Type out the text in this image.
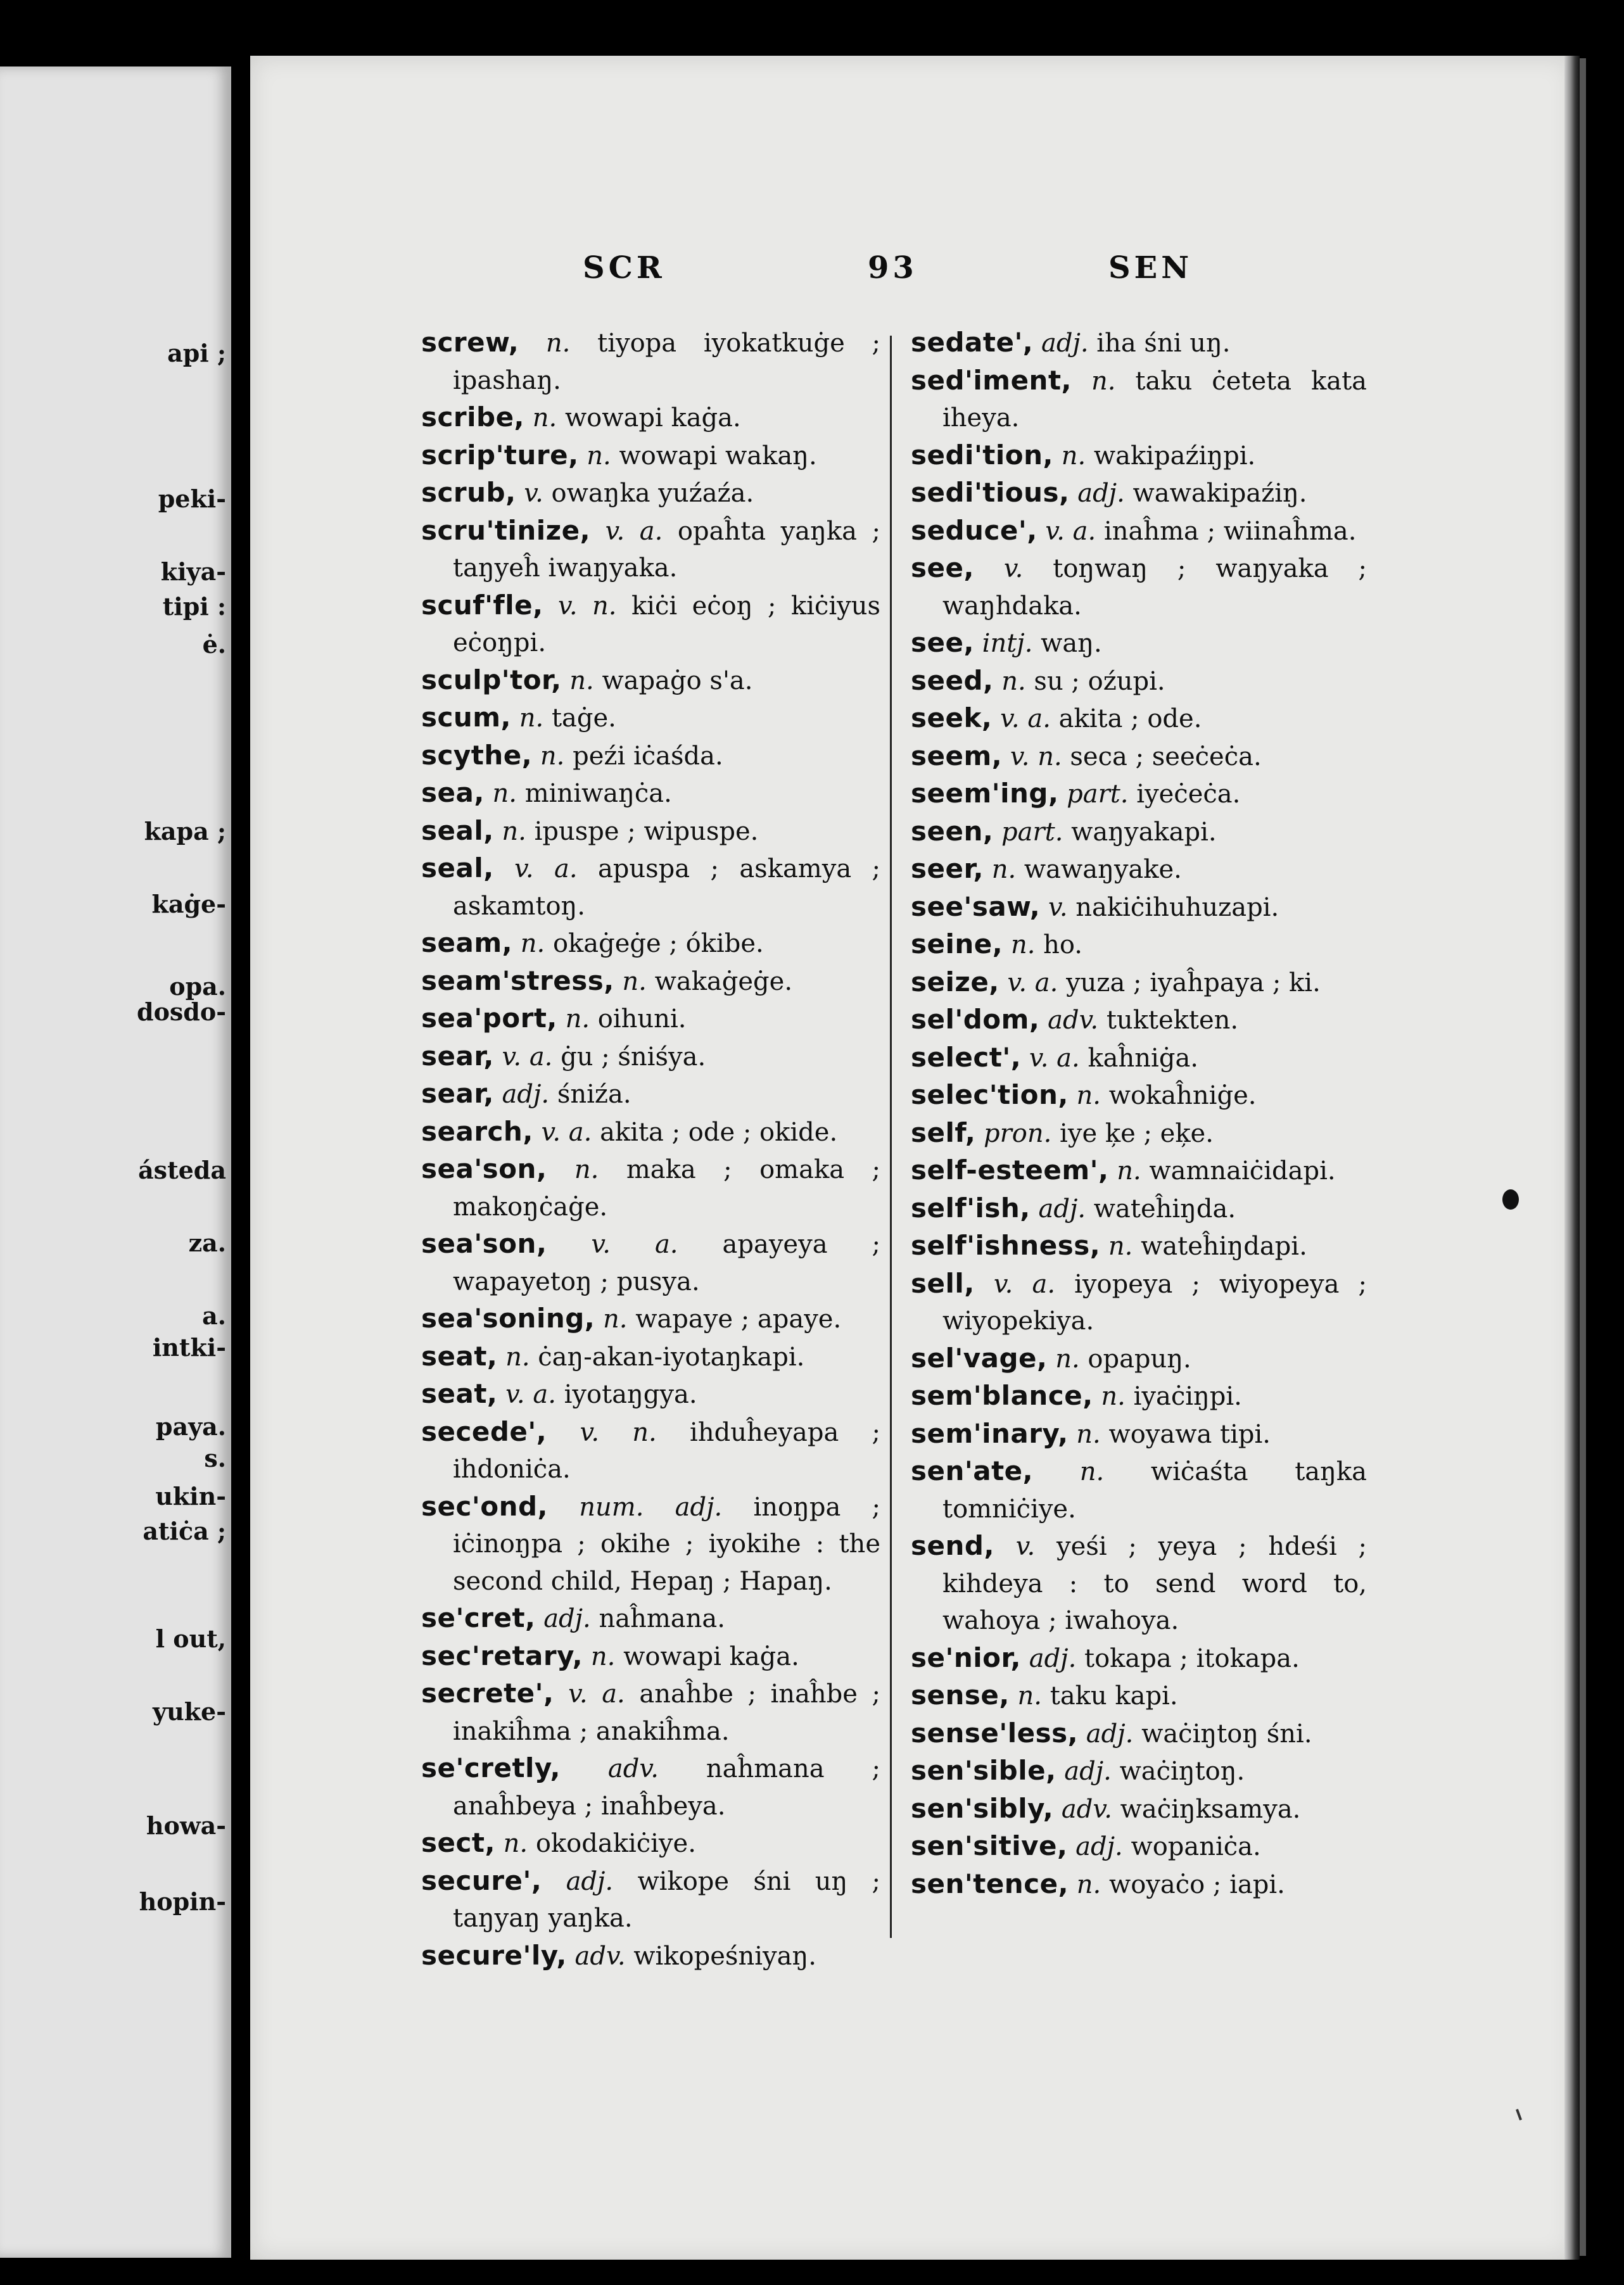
api ;
peki-
kiya-
tipi :
ė.
kapa ;
kaġe-
opa.
dosdo-
ásteda
za.
a.
intki-
paya.
s.
ukin-
atiċa ;
l out,
yuke-
howa-
hopin-
SCR	93	SEN

screw, n. tiyopa iyokatkuġe ; ipashaŋ.

scribe, n. wowapi kaġa.

scrip'ture, n. wowapi wakaŋ.

scrub, v. owaŋka yuźaźa.

scru'tinize, v. a. opaĥta yaŋka ; taŋyeĥ iwaŋyaka.

scuf'fle, v. n. kiċi eċoŋ ; kiċiyus eċoŋpi.

sculp'tor, n. wapaġo s'a.

scum, n. taġe.

scythe, n. peźi iċaśda.

sea, n. miniwaŋċa.

seal, n. ipuspe ; wipuspe.

seal, v. a. apuspa ; askamya ; askamtoŋ.

seam, n. okaġeġe ; ókibe.

seam'stress, n. wakaġeġe.

sea'port, n. oihuni.

sear, v. a. ġu ; śniśya.

sear, adj. śniźa.

search, v. a. akita ; ode ; okide.

sea'son, n. maka ; omaka ; makoŋċaġe.

sea'son, v. a. apayeya ; wapayetoŋ ; pusya.

sea'soning, n. wapaye ; apaye.

seat, n. ċaŋ-akan-iyotaŋkapi.

seat, v. a. iyotaŋgya.

secede', v. n. ihduĥeyapa ; ihdoniċa.

sec'ond, num. adj. inoŋpa ; iċinoŋpa ; okihe ; iyokihe : the second child, Hepaŋ ; Hapaŋ.

se'cret, adj. naĥmana.

sec'retary, n. wowapi kaġa.

secrete', v. a. anaĥbe ; inaĥbe ; inakiĥma ; anakiĥma.

se'cretly, adv. naĥmana ; anaĥbeya ; inaĥbeya.

sect, n. okodakiċiye.

secure', adj. wikope śni uŋ ; taŋyaŋ yaŋka.

secure'ly, adv. wikopeśniyaŋ.

sedate', adj. iha śni uŋ.

sed'iment, n. taku ċeteta kata iheya.

sedi'tion, n. wakipaźiŋpi.

sedi'tious, adj. wawakipaźiŋ.

seduce', v. a. inaĥma ; wiinaĥma.

see, v. toŋwaŋ ; waŋyaka ; waŋhdaka.

see, intj. waŋ.

seed, n. su ; oźupi.

seek, v. a. akita ; ode.

seem, v. n. seca ; seeċeċa.

seem'ing, part. iyeċeċa.

seen, part. waŋyakapi.

seer, n. wawaŋyake.

see'saw, v. nakiċihuhuzapi.

seine, n. ho.

seize, v. a. yuza ; iyaĥpaya ; ki.

sel'dom, adv. tuktekten.

select', v. a. kaĥniġa.

selec'tion, n. wokaĥniġe.

self, pron. iye ķe ; eķe.

self-esteem', n. wamnaiċidapi.

self'ish, adj. wateĥiŋda.

self'ishness, n. wateĥiŋdapi.

sell, v. a. iyopeya ; wiyopeya ; wiyopekiya.

sel'vage, n. opapuŋ.

sem'blance, n. iyaċiŋpi.

sem'inary, n. woyawa tipi.

sen'ate, n. wiċaśta taŋka tomniċiye.

send, v. yeśi ; yeya ; hdeśi ; kihdeya : to send word to, wahoya ; iwahoya.

se'nior, adj. tokapa ; itokapa.

sense, n. taku kapi.

sense'less, adj. waċiŋtoŋ śni.

sen'sible, adj. waċiŋtoŋ.

sen'sibly, adv. waċiŋksamya.

sen'sitive, adj. wopaniċa.

sen'tence, n. woyaċo ; iapi.
